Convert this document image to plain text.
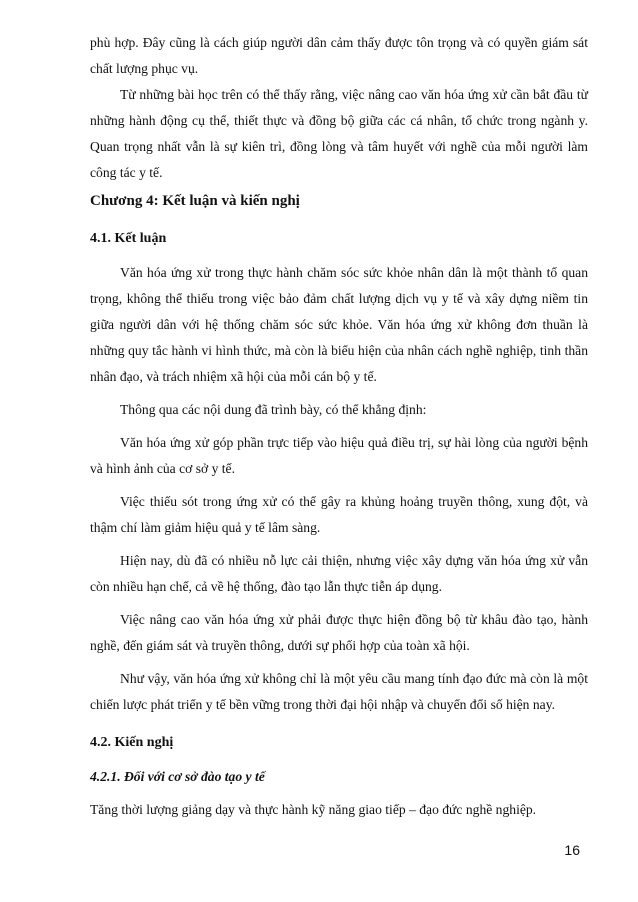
phù hợp. Đây cũng là cách giúp người dân cảm thấy được tôn trọng và có quyền giám sát chất lượng phục vụ.

Từ những bài học trên có thể thấy rằng, việc nâng cao văn hóa ứng xử cần bắt đầu từ những hành động cụ thể, thiết thực và đồng bộ giữa các cá nhân, tổ chức trong ngành y. Quan trọng nhất vẫn là sự kiên trì, đồng lòng và tâm huyết với nghề của mỗi người làm công tác y tế.

Chương 4: Kết luận và kiến nghị
4.1. Kết luận

Văn hóa ứng xử trong thực hành chăm sóc sức khỏe nhân dân là một thành tố quan trọng, không thể thiếu trong việc bảo đảm chất lượng dịch vụ y tế và xây dựng niềm tin giữa người dân với hệ thống chăm sóc sức khỏe. Văn hóa ứng xử không đơn thuần là những quy tắc hành vi hình thức, mà còn là biểu hiện của nhân cách nghề nghiệp, tinh thần nhân đạo, và trách nhiệm xã hội của mỗi cán bộ y tế.

Thông qua các nội dung đã trình bày, có thể khẳng định:

Văn hóa ứng xử góp phần trực tiếp vào hiệu quả điều trị, sự hài lòng của người bệnh và hình ảnh của cơ sở y tế.

Việc thiếu sót trong ứng xử có thể gây ra khủng hoảng truyền thông, xung đột, và thậm chí làm giảm hiệu quả y tế lâm sàng.

Hiện nay, dù đã có nhiều nỗ lực cải thiện, nhưng việc xây dựng văn hóa ứng xử vẫn còn nhiều hạn chế, cả về hệ thống, đào tạo lẫn thực tiễn áp dụng.

Việc nâng cao văn hóa ứng xử phải được thực hiện đồng bộ từ khâu đào tạo, hành nghề, đến giám sát và truyền thông, dưới sự phối hợp của toàn xã hội.

Như vậy, văn hóa ứng xử không chỉ là một yêu cầu mang tính đạo đức mà còn là một chiến lược phát triển y tế bền vững trong thời đại hội nhập và chuyển đổi số hiện nay.

4.2. Kiến nghị
4.2.1. Đối với cơ sở đào tạo y tế

Tăng thời lượng giảng dạy và thực hành kỹ năng giao tiếp – đạo đức nghề nghiệp.

16
